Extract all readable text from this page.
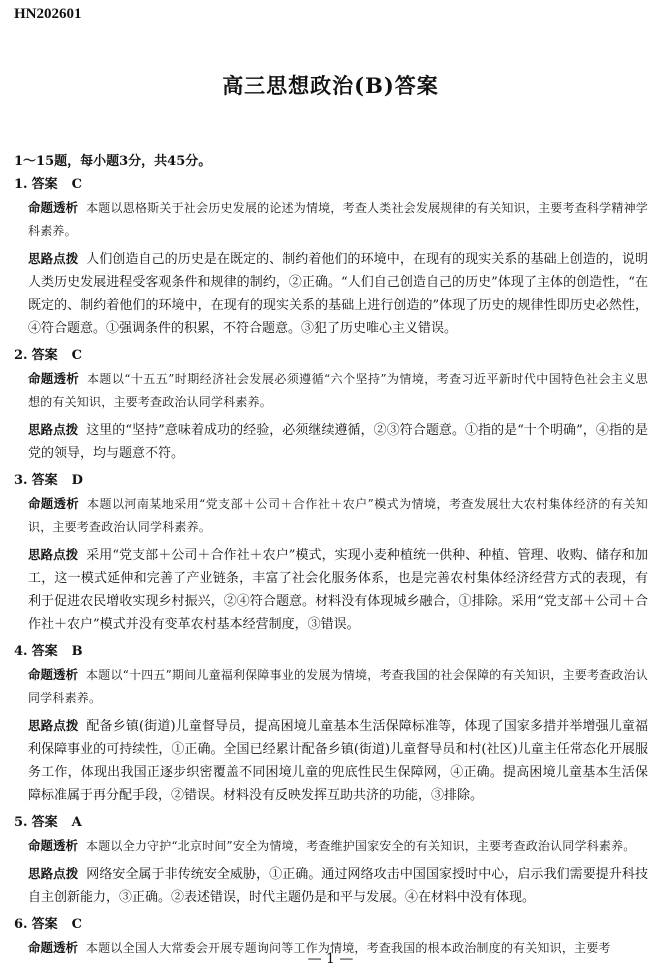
HN202601
高三思想政治(B)答案

1～15题，每小题3分，共45分。

1. 答案 C

命题透析 本题以恩格斯关于社会历史发展的论述为情境，考查人类社会发展规律的有关知识，主要考查科学精神学科素养。

思路点拨 人们创造自己的历史是在既定的、制约着他们的环境中，在现有的现实关系的基础上创造的，说明人类历史发展进程受客观条件和规律的制约，②正确。“人们自己创造自己的历史”体现了主体的创造性，“在既定的、制约着他们的环境中，在现有的现实关系的基础上进行创造的”体现了历史的规律性即历史必然性，④符合题意。①强调条件的积累，不符合题意。③犯了历史唯心主义错误。

2. 答案 C

命题透析 本题以“十五五”时期经济社会发展必须遵循“六个坚持”为情境，考查习近平新时代中国特色社会主义思想的有关知识，主要考查政治认同学科素养。

思路点拨 这里的“坚持”意味着成功的经验，必须继续遵循，②③符合题意。①指的是“十个明确”，④指的是党的领导，均与题意不符。

3. 答案 D

命题透析 本题以河南某地采用“党支部＋公司＋合作社＋农户”模式为情境，考查发展壮大农村集体经济的有关知识，主要考查政治认同学科素养。

思路点拨 采用“党支部＋公司＋合作社＋农户”模式，实现小麦种植统一供种、种植、管理、收购、储存和加工，这一模式延伸和完善了产业链条，丰富了社会化服务体系，也是完善农村集体经济经营方式的表现，有利于促进农民增收实现乡村振兴，②④符合题意。材料没有体现城乡融合，①排除。采用“党支部＋公司＋合作社＋农户”模式并没有变革农村基本经营制度，③错误。

4. 答案 B

命题透析 本题以“十四五”期间儿童福利保障事业的发展为情境，考查我国的社会保障的有关知识，主要考查政治认同学科素养。

思路点拨 配备乡镇(街道)儿童督导员，提高困境儿童基本生活保障标准等，体现了国家多措并举增强儿童福利保障事业的可持续性，①正确。全国已经累计配备乡镇(街道)儿童督导员和村(社区)儿童主任常态化开展服务工作，体现出我国正逐步织密覆盖不同困境儿童的兜底性民生保障网，④正确。提高困境儿童基本生活保障标准属于再分配手段，②错误。材料没有反映发挥互助共济的功能，③排除。

5. 答案 A

命题透析 本题以全力守护“北京时间”安全为情境，考查维护国家安全的有关知识，主要考查政治认同学科素养。

思路点拨 网络安全属于非传统安全威胁，①正确。通过网络攻击中国国家授时中心，启示我们需要提升科技自主创新能力，③正确。②表述错误，时代主题仍是和平与发展。④在材料中没有体现。

6. 答案 C

命题透析 本题以全国人大常委会开展专题询问等工作为情境，考查我国的根本政治制度的有关知识，主要考

— 1 —
